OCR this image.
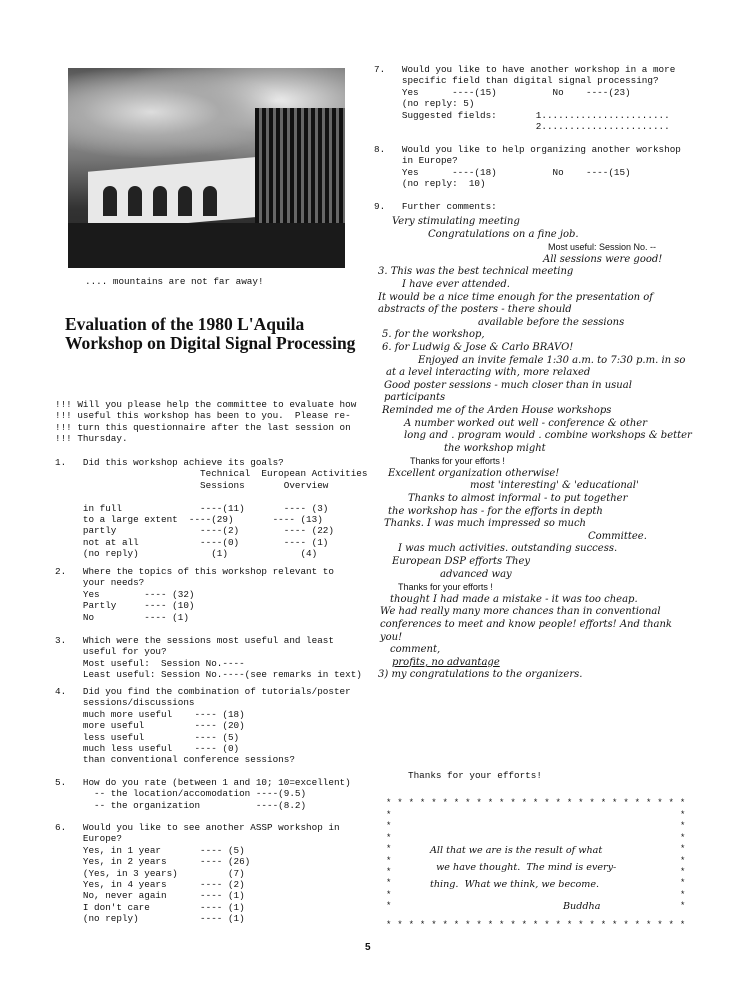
.... mountains are not far away!
Evaluation of the 1980 L'Aquila Workshop on Digital Signal Processing
!!! Will you please help the committee to evaluate how
!!! useful this workshop has been to you.  Please re-
!!! turn this questionnaire after the last session on
!!! Thursday.
1.   Did this workshop achieve its goals?
Technical  European Activities
Sessions       Overview
in full              ----(11)       ---- (3)
to a large extent  ----(29)       ---- (13)
partly               ----(2)        ---- (22)
not at all           ----(0)        ---- (1)
(no reply)             (1)             (4)
2.   Where the topics of this workshop relevant to
your needs?
Yes        ---- (32)
Partly     ---- (10)
No         ---- (1)
3.   Which were the sessions most useful and least
useful for you?
Most useful:  Session No.----
Least useful: Session No.----(see remarks in text)
4.   Did you find the combination of tutorials/poster
sessions/discussions
much more useful    ---- (18)
more useful         ---- (20)
less useful         ---- (5)
much less useful    ---- (0)
than conventional conference sessions?
5.   How do you rate (between 1 and 10; 10=excellent)
-- the location/accomodation ----(9.5)
-- the organization          ----(8.2)
6.   Would you like to see another ASSP workshop in
Europe?
Yes, in 1 year       ---- (5)
Yes, in 2 years      ---- (26)
(Yes, in 3 years)         (7)
Yes, in 4 years      ---- (2)
No, never again      ---- (1)
I don't care         ---- (1)
(no reply)           ---- (1)
7.   Would you like to have another workshop in a more
specific field than digital signal processing?
Yes      ----(15)          No    ----(23)
(no reply: 5)
Suggested fields:       1.......................
2.......................
8.   Would you like to help organizing another workshop
in Europe?
Yes      ----(18)          No    ----(15)
(no reply:  10)
9.   Further comments:
Very stimulating meeting
Congratulations on a fine job.
Most useful: Session No. --
All sessions were good!
3. This was the best technical meeting
I have ever attended.
It would be a nice time enough for the presentation of
abstracts of the posters - there should
available before the sessions
5. for the workshop,
6. for Ludwig & Jose & Carlo BRAVO!
Enjoyed an invite female 1:30 a.m. to 7:30 p.m. in so
at a level interacting with, more relaxed
Good poster sessions - much closer than in usual participants
Reminded me of the Arden House workshops
A number worked out well - conference & other
long and . program would . combine workshops & better
the workshop might
Thanks for your efforts !
Excellent organization otherwise!
most 'interesting' & 'educational'
Thanks to almost informal - to put together
the workshop has - for the efforts in depth
Thanks. I was much impressed so much
Committee.
I was much activities. outstanding success.
European DSP efforts They
advanced way
Thanks for your efforts !
thought I had made a mistake - it was too cheap.
We had really many more chances than in conventional
conferences to meet and know people! efforts! And thank you!
comment,
profits, no advantage
3) my congratulations to the organizers.
Thanks for your efforts!
* * * * * * * * * * * * * * * * * * * * * * * * * * *
*
*
*
*
*
*
*
*
*
*
*
*
*
*
*
*
*
*
* * * * * * * * * * * * * * * * * * * * * * * * * * *
All that we are is the result of what
we have thought.  The mind is every-
thing.  What we think, we become.
Buddha
5
